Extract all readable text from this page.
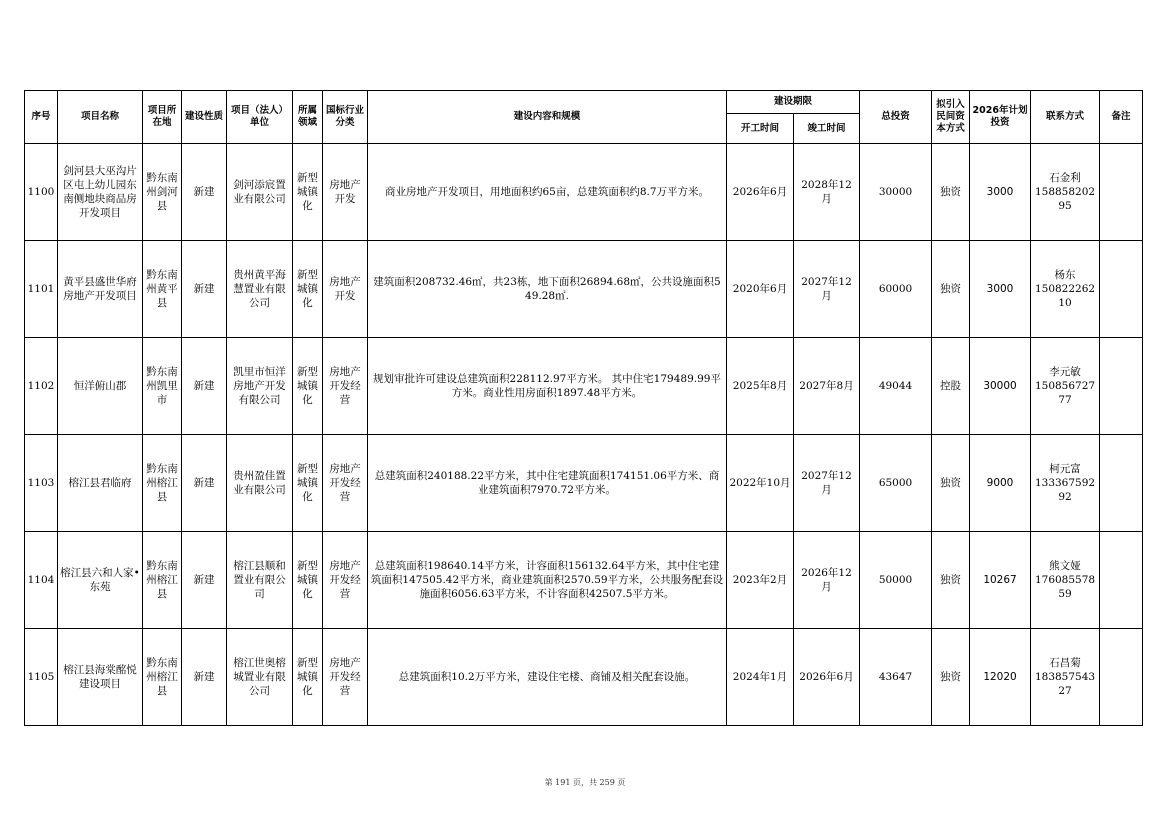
序号	项目名称	项目所在地	建设性质	项目（法人）单位	所属领域	国标行业分类	建设内容和规模	建设期限		总投资	拟引入民间资本方式	2026年计划投资	联系方式	备注
								开工时间	竣工时间					
1100	剑河县大巫沟片区屯上幼儿园东南侧地块商品房开发项目	黔东南州剑河县	新建	剑河添宸置业有限公司	新型城镇化	房地产开发	商业房地产开发项目，用地面积约65亩，总建筑面积约8.7万平方米。	2026年6月	2028年12月	30000	独资	3000	石金利
15885820295	

1101	黄平县盛世华府房地产开发项目	黔东南州黄平县	新建	贵州黄平海慧置业有限公司	新型城镇化	房地产开发	建筑面积208732.46㎡，共23栋，地下面积26894.68㎡，公共设施面积549.28㎡.	2020年6月	2027年12月	60000	独资	3000	杨东
15082226210	

1102	恒洋俯山郡	黔东南州凯里市	新建	凯里市恒洋房地产开发有限公司	新型城镇化	房地产开发经营	规划审批许可建设总建筑面积228112.97平方米。 其中住宅179489.99平方米。商业性用房面积1897.48平方米。	2025年8月	2027年8月	49044	控股	30000	李元敏
15085672777	

1103	榕江县君临府	黔东南州榕江县	新建	贵州盈佳置业有限公司	新型城镇化	房地产开发经营	总建筑面积240188.22平方米，其中住宅建筑面积174151.06平方米、商业建筑面积7970.72平方米。	2022年10月	2027年12月	65000	独资	9000	柯元富
13336759292	

1104	榕江县六和人家•东苑	黔东南州榕江县	新建	榕江县顺和置业有限公司	新型城镇化	房地产开发经营	总建筑面积198640.14平方米，计容面积156132.64平方米，其中住宅建筑面积147505.42平方米，商业建筑面积2570.59平方米，公共服务配套设施面积6056.63平方米，不计容面积42507.5平方米。	2023年2月	2026年12月	50000	独资	10267	熊文娅
17608557859	

1105	榕江县海棠酩悦建设项目	黔东南州榕江县	新建	榕江世奥榕城置业有限公司	新型城镇化	房地产开发经营	总建筑面积10.2万平方米，建设住宅楼、商铺及相关配套设施。	2024年1月	2026年6月	43647	独资	12020	石昌菊
18385754327	

第 191 页，共 259 页
